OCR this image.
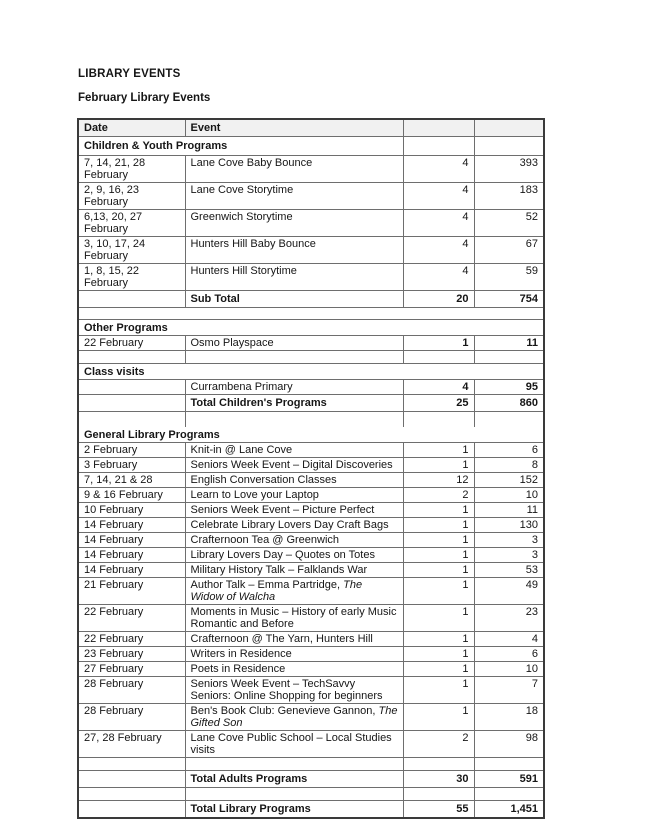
LIBRARY EVENTS
February Library Events
Date	Event		
Children & Youth Programs			
7, 14, 21, 28 February	Lane Cove Baby Bounce	4	393
2, 9, 16, 23 February	Lane Cove Storytime	4	183
6,13, 20, 27 February	Greenwich Storytime	4	52
3, 10, 17, 24 February	Hunters Hill Baby Bounce	4	67
1, 8, 15, 22 February	Hunters Hill Storytime	4	59
	Sub Total	20	754

Other Programs			
22 February	Osmo Playspace	1	11

Class visits			
	Currambena Primary	4	95
	Total Children's Programs	25	860

General Library Programs			
2 February	Knit-in @ Lane Cove	1	6
3 February	Seniors Week Event – Digital Discoveries	1	8
7, 14, 21 & 28	English Conversation Classes	12	152
9 & 16 February	Learn to Love your Laptop	2	10
10 February	Seniors Week Event – Picture Perfect	1	11
14 February	Celebrate Library Lovers Day Craft Bags	1	130
14 February	Crafternoon Tea @ Greenwich	1	3
14 February	Library Lovers Day – Quotes on Totes	1	3
14 February	Military History Talk – Falklands War	1	53
21 February	Author Talk – Emma Partridge, The Widow of Walcha	1	49
22 February	Moments in Music – History of early Music Romantic and Before	1	23
22 February	Crafternoon @ The Yarn, Hunters Hill	1	4
23 February	Writers in Residence	1	6
27 February	Poets in Residence	1	10
28 February	Seniors Week Event – TechSavvy Seniors: Online Shopping for beginners	1	7
28 February	Ben's Book Club: Genevieve Gannon, The Gifted Son	1	18
27, 28 February	Lane Cove Public School – Local Studies visits	2	98

	Total Adults Programs	30	591

	Total Library Programs	55	1,451
